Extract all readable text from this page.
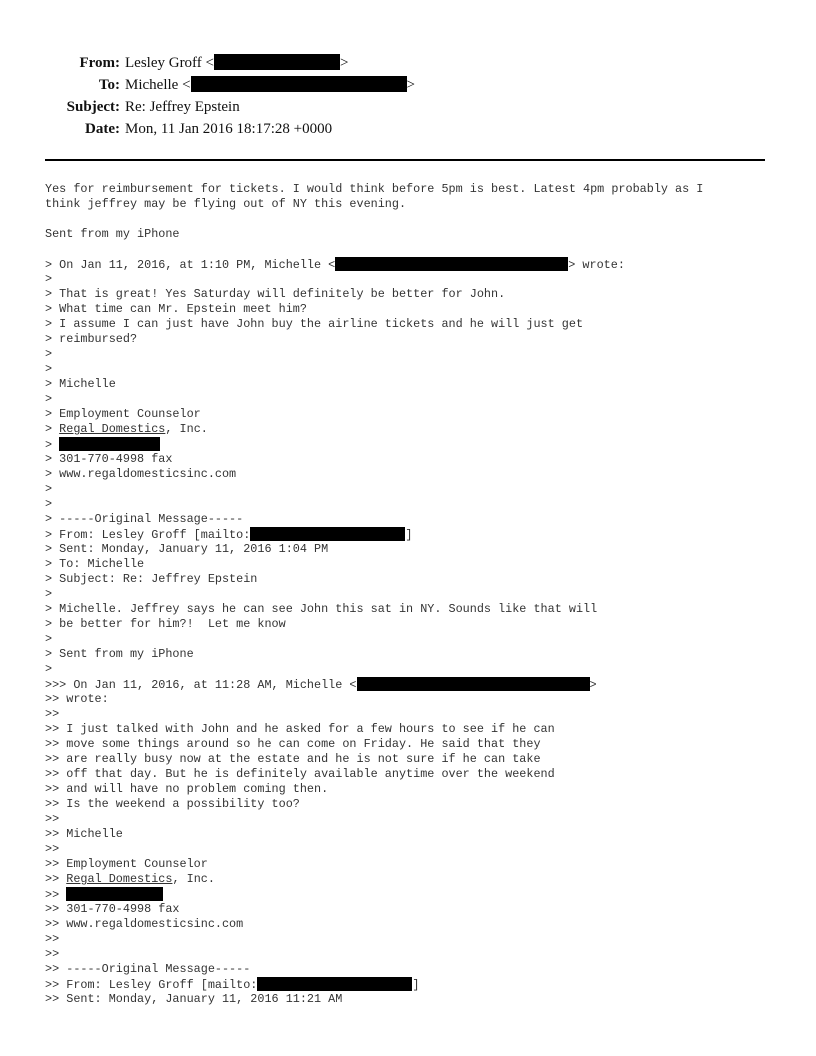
From: Lesley Groff <	>
To: Michelle <	>
Subject: Re: Jeffrey Epstein
Date: Mon, 11 Jan 2016 18:17:28 +0000
Yes for reimbursement for tickets. I would think before 5pm is best. Latest 4pm probably as I
think jeffrey may be flying out of NY this evening.
Sent from my iPhone
> On Jan 11, 2016, at 1:10 PM, Michelle <	> wrote:
>
> That is great! Yes Saturday will definitely be better for John.
> What time can Mr. Epstein meet him?
> I assume I can just have John buy the airline tickets and he will just get
> reimbursed?
>
>
> Michelle
>
> Employment Counselor
> Regal Domestics, Inc.
>
> 301-770-4998 fax
> www.regaldomesticsinc.com
>
>
> -----Original Message-----
> From: Lesley Groff [mailto:	]
> Sent: Monday, January 11, 2016 1:04 PM
> To: Michelle
> Subject: Re: Jeffrey Epstein
>
> Michelle. Jeffrey says he can see John this sat in NY. Sounds like that will
> be better for him?!  Let me know
>
> Sent from my iPhone
>
>>> On Jan 11, 2016, at 11:28 AM, Michelle <	>
>> wrote:
>>
>> I just talked with John and he asked for a few hours to see if he can
>> move some things around so he can come on Friday. He said that they
>> are really busy now at the estate and he is not sure if he can take
>> off that day. But he is definitely available anytime over the weekend
>> and will have no problem coming then.
>> Is the weekend a possibility too?
>>
>> Michelle
>>
>> Employment Counselor
>> Regal Domestics, Inc.
>>
>> 301-770-4998 fax
>> www.regaldomesticsinc.com
>>
>>
>> -----Original Message-----
>> From: Lesley Groff [mailto:	]
>> Sent: Monday, January 11, 2016 11:21 AM
